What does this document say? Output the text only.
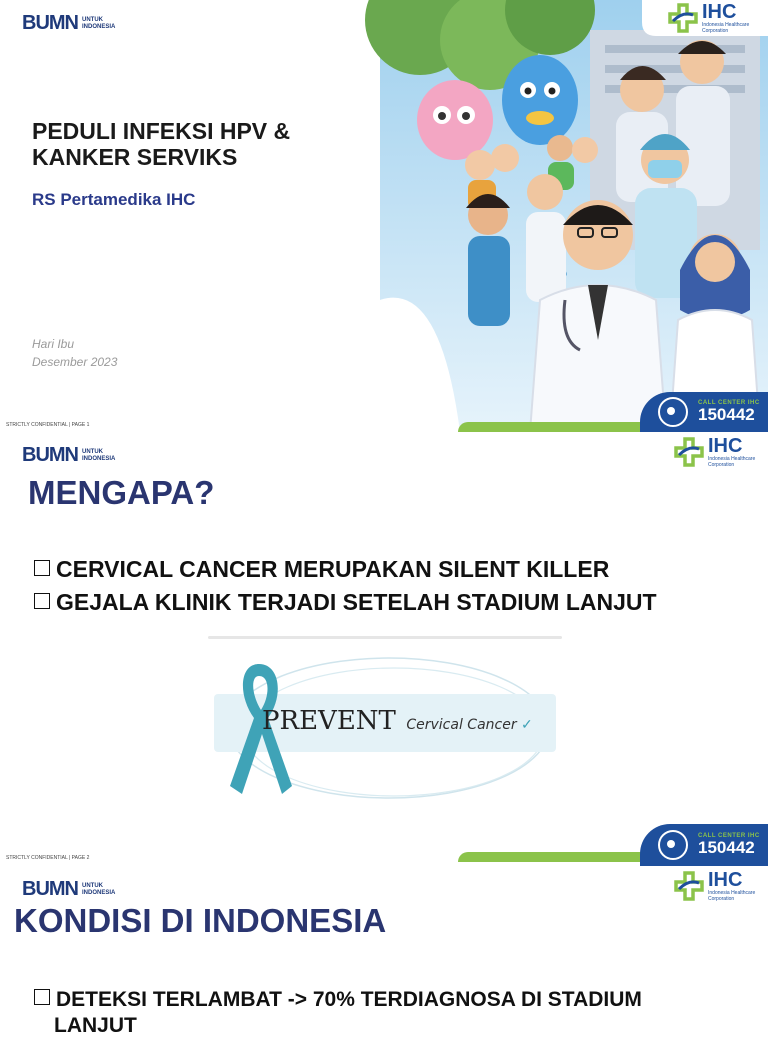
BUMN UNTUK
INDONESIA
IHC
Indonesia Healthcare
Corporation
PEDULI INFEKSI HPV &
KANKER SERVIKS
RS Pertamedika IHC
Hari Ibu
Desember 2023
STRICTLY CONFIDENTIAL | PAGE 1
CALL CENTER IHC
150442
BUMN UNTUK
INDONESIA
IHC
Indonesia Healthcare
Corporation
MENGAPA?
CERVICAL CANCER MERUPAKAN SILENT KILLER
GEJALA KLINIK TERJADI SETELAH STADIUM LANJUT
PREVENT Cervical Cancer ✓
STRICTLY CONFIDENTIAL | PAGE 2
CALL CENTER IHC
150442
BUMN UNTUK
INDONESIA
IHC
Indonesia Healthcare
Corporation
KONDISI DI INDONESIA
DETEKSI TERLAMBAT -> 70% TERDIAGNOSA DI STADIUM
LANJUT
